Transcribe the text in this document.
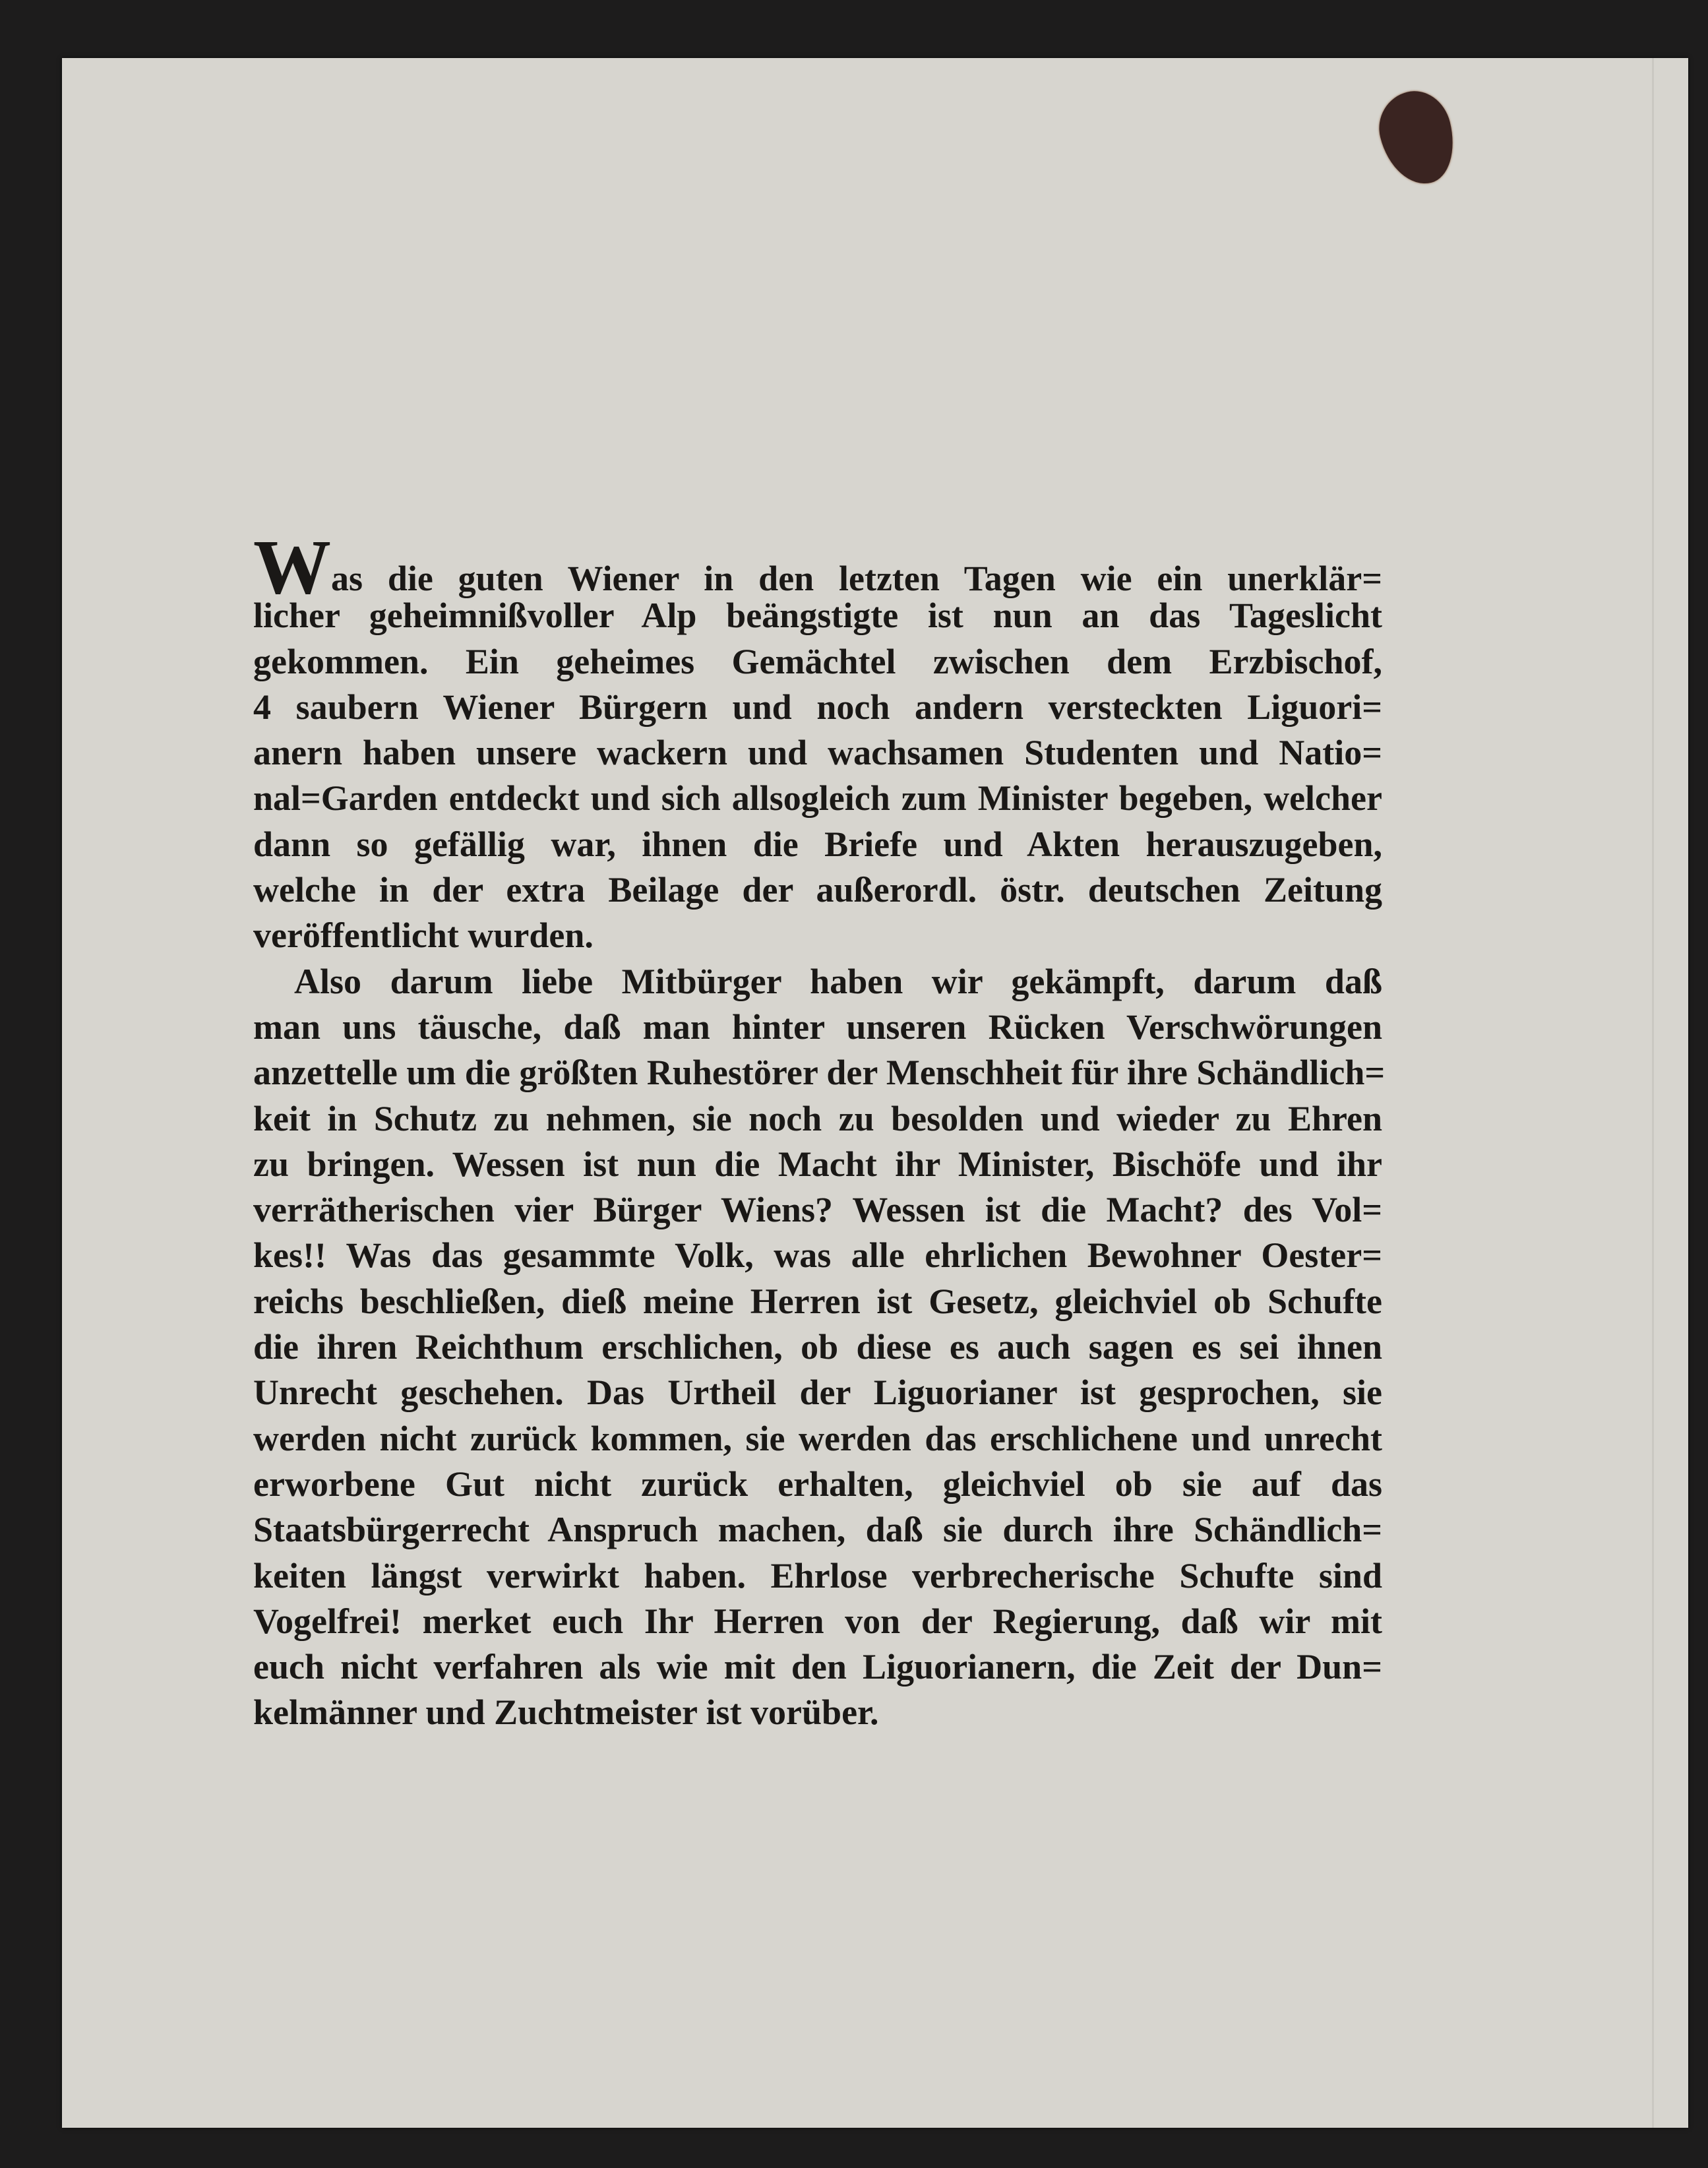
Was die guten Wiener in den letzten Tagen wie ein unerklär=
licher geheimnißvoller Alp beängstigte ist nun an das Tageslicht
gekommen. Ein geheimes Gemächtel zwischen dem Erzbischof,
4 saubern Wiener Bürgern und noch andern versteckten Liguori=
anern haben unsere wackern und wachsamen Studenten und Natio=
nal=Garden entdeckt und sich allsogleich zum Minister begeben, welcher
dann so gefällig war, ihnen die Briefe und Akten herauszugeben,
welche in der extra Beilage der außerordl. östr. deutschen Zeitung
veröffentlicht wurden.
Also darum liebe Mitbürger haben wir gekämpft, darum daß
man uns täusche, daß man hinter unseren Rücken Verschwörungen
anzettelle um die größten Ruhestörer der Menschheit für ihre Schändlich=
keit in Schutz zu nehmen, sie noch zu besolden und wieder zu Ehren
zu bringen. Wessen ist nun die Macht ihr Minister, Bischöfe und ihr
verrätherischen vier Bürger Wiens? Wessen ist die Macht? des Vol=
kes!! Was das gesammte Volk, was alle ehrlichen Bewohner Oester=
reichs beschließen, dieß meine Herren ist Gesetz, gleichviel ob Schufte
die ihren Reichthum erschlichen, ob diese es auch sagen es sei ihnen
Unrecht geschehen. Das Urtheil der Liguorianer ist gesprochen, sie
werden nicht zurück kommen, sie werden das erschlichene und unrecht
erworbene Gut nicht zurück erhalten, gleichviel ob sie auf das
Staatsbürgerrecht Anspruch machen, daß sie durch ihre Schändlich=
keiten längst verwirkt haben. Ehrlose verbrecherische Schufte sind
Vogelfrei! merket euch Ihr Herren von der Regierung, daß wir mit
euch nicht verfahren als wie mit den Liguorianern, die Zeit der Dun=
kelmänner und Zuchtmeister ist vorüber.
